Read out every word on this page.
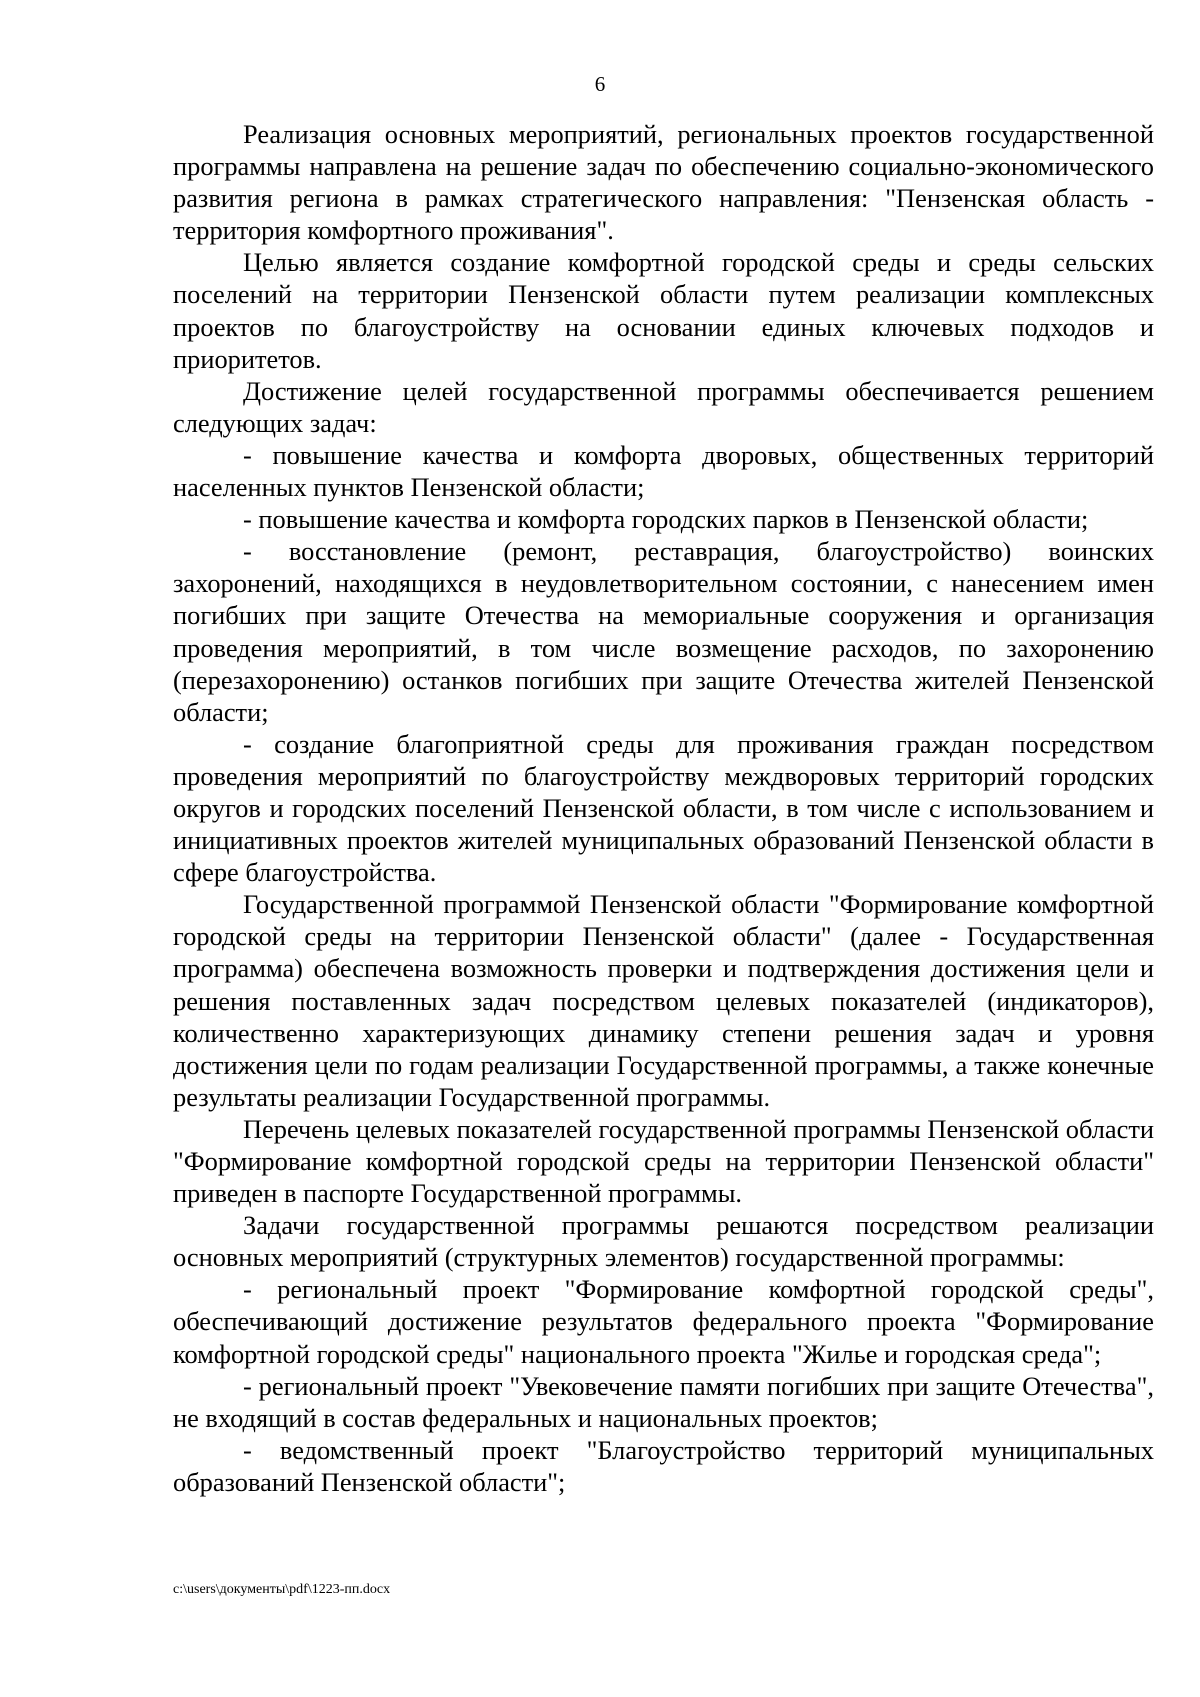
6

Реализация основных мероприятий, региональных проектов государственной программы направлена на решение задач по обеспечению социально-экономического развития региона в рамках стратегического направления: "Пензенская область - территория комфортного проживания".

Целью является создание комфортной городской среды и среды сельских поселений на территории Пензенской области путем реализации комплексных проектов по благоустройству на основании единых ключевых подходов и приоритетов.

Достижение целей государственной программы обеспечивается решением следующих задач:

- повышение качества и комфорта дворовых, общественных территорий населенных пунктов Пензенской области;

- повышение качества и комфорта городских парков в Пензенской области;

- восстановление (ремонт, реставрация, благоустройство) воинских захоронений, находящихся в неудовлетворительном состоянии, с нанесением имен погибших при защите Отечества на мемориальные сооружения и организация проведения мероприятий, в том числе возмещение расходов, по захоронению (перезахоронению) останков погибших при защите Отечества жителей Пензенской области;

- создание благоприятной среды для проживания граждан посредством проведения мероприятий по благоустройству междворовых территорий городских округов и городских поселений Пензенской области, в том числе с использованием и инициативных проектов жителей муниципальных образований Пензенской области в сфере благоустройства.

Государственной программой Пензенской области "Формирование комфортной городской среды на территории Пензенской области" (далее - Государственная программа) обеспечена возможность проверки и подтверждения достижения цели и решения поставленных задач посредством целевых показателей (индикаторов), количественно характеризующих динамику степени решения задач и уровня достижения цели по годам реализации Государственной программы, а также конечные результаты реализации Государственной программы.

Перечень целевых показателей государственной программы Пензенской области "Формирование комфортной городской среды на территории Пензенской области" приведен в паспорте Государственной программы.

Задачи государственной программы решаются посредством реализации основных мероприятий (структурных элементов) государственной программы:

- региональный проект "Формирование комфортной городской среды", обеспечивающий достижение результатов федерального проекта "Формирование комфортной городской среды" национального проекта "Жилье и городская среда";

- региональный проект "Увековечение памяти погибших при защите Отечества", не входящий в состав федеральных и национальных проектов;

- ведомственный проект "Благоустройство территорий муниципальных образований Пензенской области";

c:\users\документы\pdf\1223-пп.docx
